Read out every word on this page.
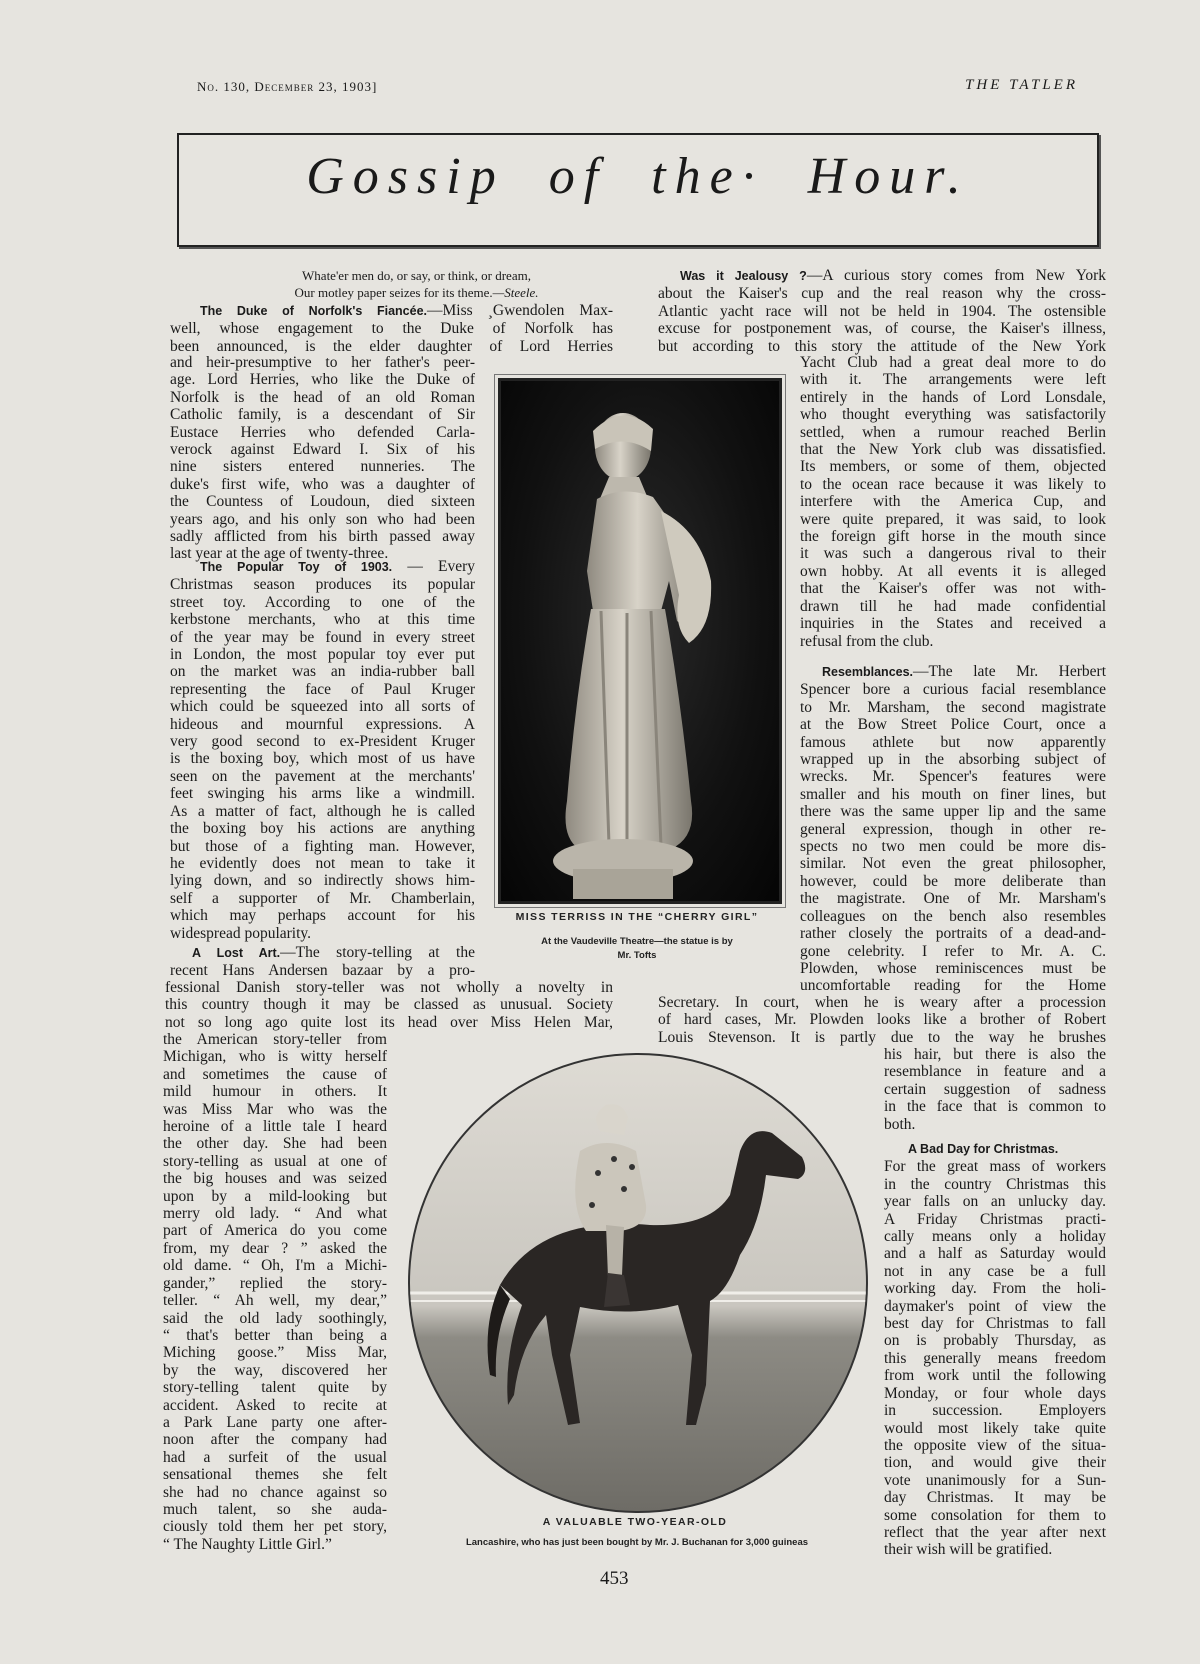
No. 130, December 23, 1903]	THE TATLER
Gossip of the· Hour.
Whate'er men do, or say, or think, or dream,
Our motley paper seizes for its theme.—Steele.
The Duke of Norfolk's Fiancée.—Miss ¸Gwendolen Max-
well, whose engagement to the Duke of Norfolk has
been announced, is the elder daughter of Lord Herries
and heir-presumptive to her father's peer-
age. Lord Herries, who like the Duke of
Norfolk is the head of an old Roman
Catholic family, is a descendant of Sir
Eustace Herries who defended Carla-
verock against Edward I. Six of his
nine sisters entered nunneries. The
duke's first wife, who was a daughter of
the Countess of Loudoun, died sixteen
years ago, and his only son who had been
sadly afflicted from his birth passed away
last year at the age of twenty-three.
The Popular Toy of 1903. — Every
Christmas season produces its popular
street toy. According to one of the
kerbstone merchants, who at this time
of the year may be found in every street
in London, the most popular toy ever put
on the market was an india-rubber ball
representing the face of Paul Kruger
which could be squeezed into all sorts of
hideous and mournful expressions. A
very good second to ex-President Kruger
is the boxing boy, which most of us have
seen on the pavement at the merchants'
feet swinging his arms like a windmill.
As a matter of fact, although he is called
the boxing boy his actions are anything
but those of a fighting man. However,
he evidently does not mean to take it
lying down, and so indirectly shows him-
self a supporter of Mr. Chamberlain,
which may perhaps account for his
widespread popularity.
A Lost Art.—The story-telling at the
recent Hans Andersen bazaar by a pro-
fessional Danish story-teller was not wholly a novelty in
this country though it may be classed as unusual. Society
not so long ago quite lost its head over Miss Helen Mar,
the American story-teller from
Michigan, who is witty herself
and sometimes the cause of
mild humour in others. It
was Miss Mar who was the
heroine of a little tale I heard
the other day. She had been
story-telling as usual at one of
the big houses and was seized
upon by a mild-looking but
merry old lady. “ And what
part of America do you come
from, my dear ? ” asked the
old dame. “ Oh, I'm a Michi-
gander,” replied the story-
teller. “ Ah well, my dear,”
said the old lady soothingly,
“ that's better than being a
Miching goose.” Miss Mar,
by the way, discovered her
story-telling talent quite by
accident. Asked to recite at
a Park Lane party one after-
noon after the company had
had a surfeit of the usual
sensational themes she felt
she had no chance against so
much talent, so she auda-
ciously told them her pet story,
“ The Naughty Little Girl.”
Was it Jealousy ?—A curious story comes from New York
about the Kaiser's cup and the real reason why the cross-
Atlantic yacht race will not be held in 1904. The ostensible
excuse for postponement was, of course, the Kaiser's illness,
but according to this story the attitude of the New York
Yacht Club had a great deal more to do
with it. The arrangements were left
entirely in the hands of Lord Lonsdale,
who thought everything was satisfactorily
settled, when a rumour reached Berlin
that the New York club was dissatisfied.
Its members, or some of them, objected
to the ocean race because it was likely to
interfere with the America Cup, and
were quite prepared, it was said, to look
the foreign gift horse in the mouth since
it was such a dangerous rival to their
own hobby. At all events it is alleged
that the Kaiser's offer was not with-
drawn till he had made confidential
inquiries in the States and received a
refusal from the club.
Resemblances.—The late Mr. Herbert
Spencer bore a curious facial resemblance
to Mr. Marsham, the second magistrate
at the Bow Street Police Court, once a
famous athlete but now apparently
wrapped up in the absorbing subject of
wrecks. Mr. Spencer's features were
smaller and his mouth on finer lines, but
there was the same upper lip and the same
general expression, though in other re-
spects no two men could be more dis-
similar. Not even the great philosopher,
however, could be more deliberate than
the magistrate. One of Mr. Marsham's
colleagues on the bench also resembles
rather closely the portraits of a dead-and-
gone celebrity. I refer to Mr. A. C.
Plowden, whose reminiscences must be
uncomfortable reading for the Home
Secretary. In court, when he is weary after a procession
of hard cases, Mr. Plowden looks like a brother of Robert
Louis Stevenson. It is partly due to the way he brushes
his hair, but there is also the
resemblance in feature and a
certain suggestion of sadness
in the face that is common to
both.
A Bad Day for Christmas.
For the great mass of workers
in the country Christmas this
year falls on an unlucky day.
A Friday Christmas practi-
cally means only a holiday
and a half as Saturday would
not in any case be a full
working day. From the holi-
daymaker's point of view the
best day for Christmas to fall
on is probably Thursday, as
this generally means freedom
from work until the following
Monday, or four whole days
in succession. Employers
would most likely take quite
the opposite view of the situa-
tion, and would give their
vote unanimously for a Sun-
day Christmas. It may be
some consolation for them to
reflect that the year after next
their wish will be gratified.
MISS TERRISS IN THE “CHERRY GIRL”
At the Vaudeville Theatre—the statue is by
Mr. Tofts
A VALUABLE TWO-YEAR-OLD
Lancashire, who has just been bought by Mr. J. Buchanan for 3,000 guineas
453
